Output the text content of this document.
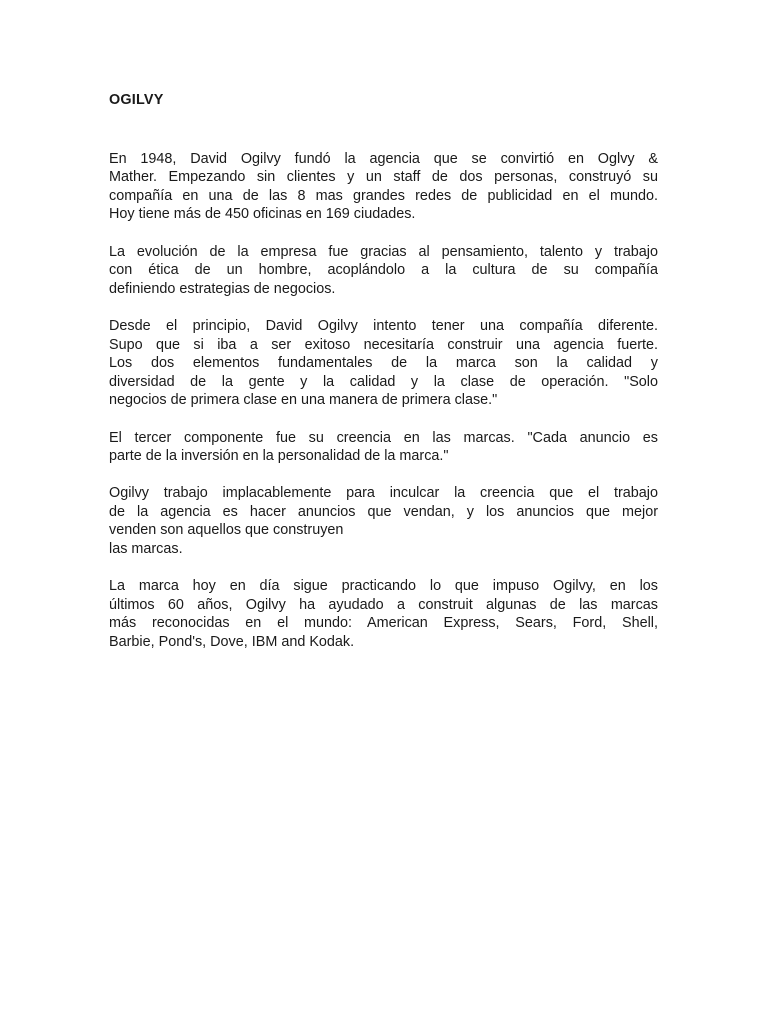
OGILVY
En 1948, David Ogilvy fundó la agencia que se convirtió en Oglvy &
Mather. Empezando sin clientes y un staff de dos personas, construyó su
compañía en una de las 8 mas grandes redes de publicidad en el mundo.
Hoy tiene más de 450 oficinas en 169 ciudades.
La evolución de la empresa fue gracias al pensamiento, talento y trabajo
con ética de un hombre, acoplándolo a la cultura de su compañía
definiendo estrategias de negocios.
Desde el principio, David Ogilvy intento tener una compañía diferente.
Supo que si iba a ser exitoso necesitaría construir una agencia fuerte.
Los dos elementos fundamentales de la marca son la calidad y
diversidad de la gente y la calidad y la clase de operación. "Solo
negocios de primera clase en una manera de primera clase."
El tercer componente fue su creencia en las marcas. "Cada anuncio es
parte de la inversión en la personalidad de la marca."
Ogilvy trabajo implacablemente para inculcar la creencia que el trabajo
de la agencia es hacer anuncios que vendan, y los anuncios que mejor
venden son aquellos que construyen
las marcas.
La marca hoy en día sigue practicando lo que impuso Ogilvy, en los
últimos 60 años, Ogilvy ha ayudado a construit algunas de las marcas
más reconocidas en el mundo: American Express, Sears, Ford, Shell,
Barbie, Pond's, Dove, IBM and Kodak.
